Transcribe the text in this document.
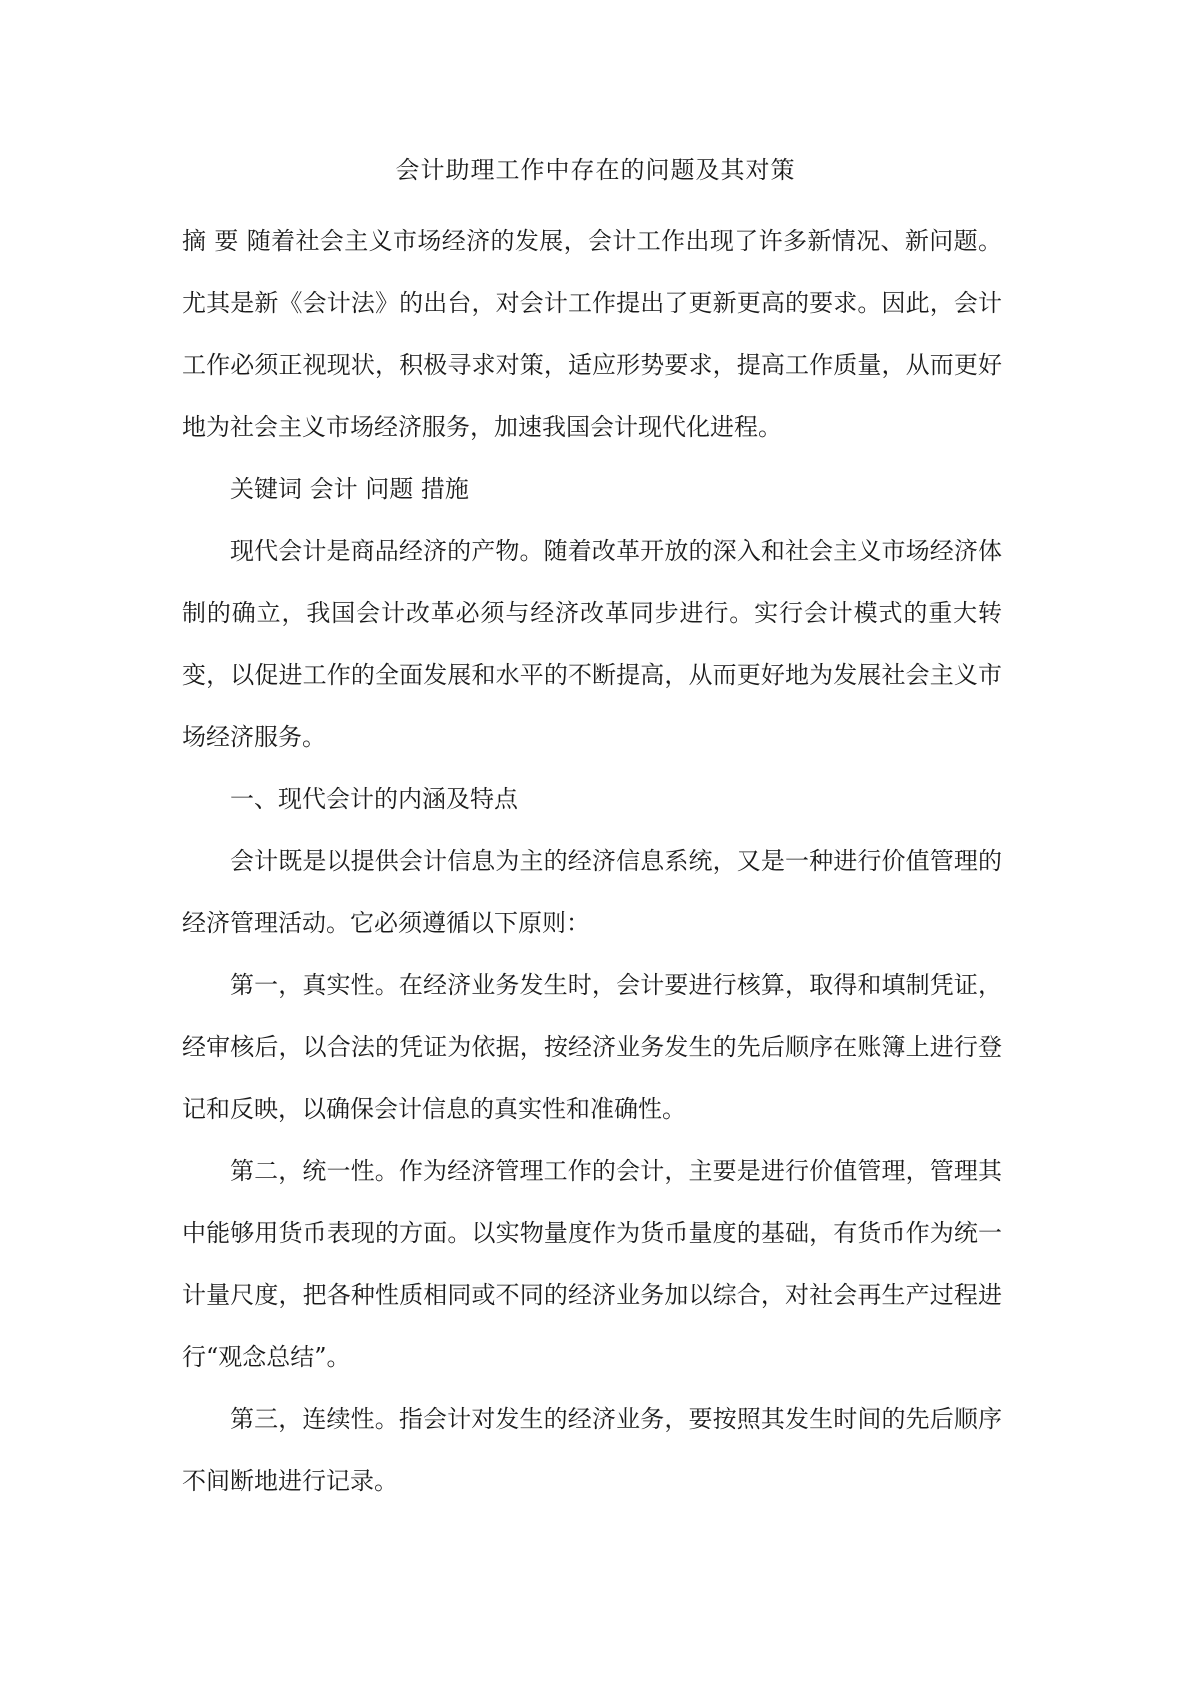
会计助理工作中存在的问题及其对策

摘 要 随着社会主义市场经济的发展，会计工作出现了许多新情况、新问题。尤其是新《会计法》的出台，对会计工作提出了更新更高的要求。因此，会计工作必须正视现状，积极寻求对策，适应形势要求，提高工作质量，从而更好地为社会主义市场经济服务，加速我国会计现代化进程。

关键词 会计 问题 措施

现代会计是商品经济的产物。随着改革开放的深入和社会主义市场经济体制的确立，我国会计改革必须与经济改革同步进行。实行会计模式的重大转变，以促进工作的全面发展和水平的不断提高，从而更好地为发展社会主义市场经济服务。

一、现代会计的内涵及特点

会计既是以提供会计信息为主的经济信息系统，又是一种进行价值管理的经济管理活动。它必须遵循以下原则：

第一，真实性。在经济业务发生时，会计要进行核算，取得和填制凭证，经审核后，以合法的凭证为依据，按经济业务发生的先后顺序在账簿上进行登记和反映，以确保会计信息的真实性和准确性。

第二，统一性。作为经济管理工作的会计，主要是进行价值管理，管理其中能够用货币表现的方面。以实物量度作为货币量度的基础，有货币作为统一计量尺度，把各种性质相同或不同的经济业务加以综合，对社会再生产过程进行“观念总结”。

第三，连续性。指会计对发生的经济业务，要按照其发生时间的先后顺序不间断地进行记录。
